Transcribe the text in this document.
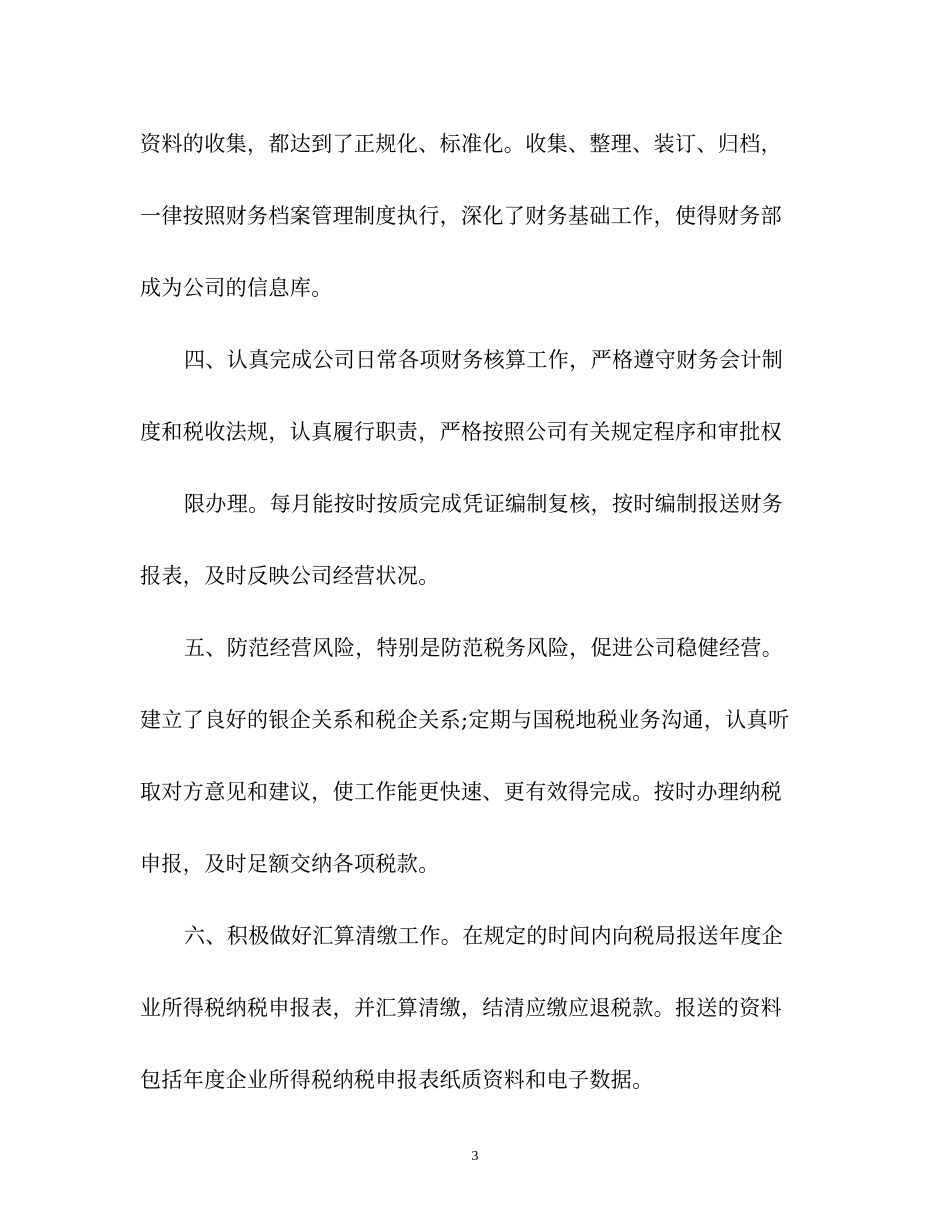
资料的收集，都达到了正规化、标准化。收集、整理、装订、归档，
一律按照财务档案管理制度执行，深化了财务基础工作，使得财务部
成为公司的信息库。
四、认真完成公司日常各项财务核算工作，严格遵守财务会计制
度和税收法规，认真履行职责，严格按照公司有关规定程序和审批权
限办理。每月能按时按质完成凭证编制复核，按时编制报送财务
报表，及时反映公司经营状况。
五、防范经营风险，特别是防范税务风险，促进公司稳健经营。
建立了良好的银企关系和税企关系;定期与国税地税业务沟通，认真听
取对方意见和建议，使工作能更快速、更有效得完成。按时办理纳税
申报，及时足额交纳各项税款。
六、积极做好汇算清缴工作。在规定的时间内向税局报送年度企
业所得税纳税申报表，并汇算清缴，结清应缴应退税款。报送的资料
包括年度企业所得税纳税申报表纸质资料和电子数据。
3
